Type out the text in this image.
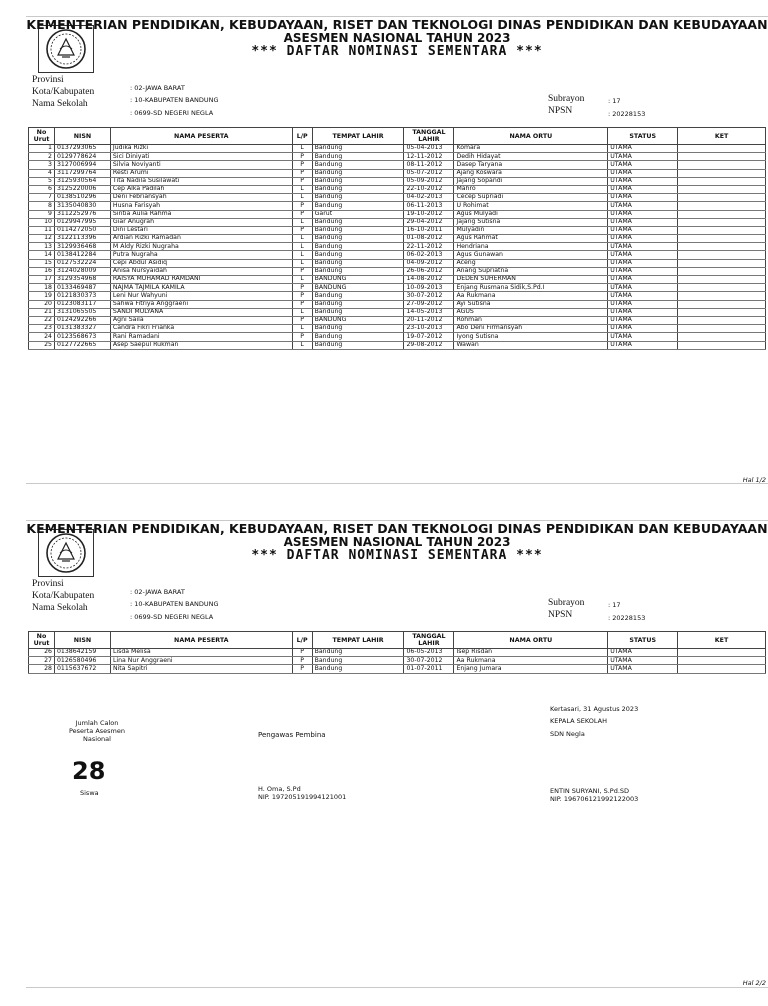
KEMENTERIAN PENDIDIKAN, KEBUDAYAAN, RISET DAN TEKNOLOGI DINAS PENDIDIKAN DAN KEBUDAYAAN
ASESMEN NASIONAL TAHUN 2023
*** DAFTAR NOMINASI SEMENTARA ***
Provinsi
Kota/Kabupaten
Nama Sekolah
: 02-JAWA BARAT
: 10-KABUPATEN BANDUNG
: 0699-SD NEGERI NEGLA
Subrayon
NPSN
: 17
: 20228153
No Urut	NISN	NAMA PESERTA	L/P	TEMPAT LAHIR	TANGGAL LAHIR	NAMA ORTU	STATUS	KET
1	0137293065	Judika Rizki	L	Bandung	05-04-2013	Komara	UTAMA	
2	0129778624	Sici Diniyati	P	Bandung	12-11-2012	Dedih Hidayat	UTAMA	
3	3127006994	Silvia Noviyanti	P	Bandung	08-11-2012	Dasep Taryana	UTAMA	
4	3117299764	Resti Arumi	P	Bandung	05-07-2012	Ajang Koswara	UTAMA	
5	3125930564	Tita Nadila Susilawati	P	Bandung	05-09-2012	Jajang Sopandi	UTAMA	
6	3125220006	Cep Alka Padilah	L	Bandung	22-10-2012	Mahro	UTAMA	
7	0138510296	Deni Febriansyah	L	Bandung	04-02-2013	Cecep Supriadi	UTAMA	
8	3135040830	Husna Farisyah	P	Bandung	06-11-2013	U Rohimat	UTAMA	
9	3112252976	Sintia Aulia Rahma	P	Garut	19-10-2012	Agus Mulyadi	UTAMA	
10	0129947995	Giar Anugrah	L	Bandung	29-04-2012	Jajang Sutisna	UTAMA	
11	0114272050	Dini Lestari	P	Bandung	16-10-2011	Mulyadin	UTAMA	
12	3122113396	Ardian Rizki Ramadan	L	Bandung	01-08-2012	Agus Rahmat	UTAMA	
13	3129936468	M Aldy Rizki Nugraha	L	Bandung	22-11-2012	Hendriana	UTAMA	
14	0138412284	Putra Nugraha	L	Bandung	06-02-2013	Agus Gunawan	UTAMA	
15	0127532224	Cepi Abdul Asidiq	L	Bandung	04-09-2012	Aceng	UTAMA	
16	3124028009	Anisa Nursyaidah	P	Bandung	26-06-2012	Anang Supriatna	UTAMA	
17	3129354968	RAISYA MUHAMAD RAMDANI	L	BANDUNG	14-08-2012	DEDEN SUHERMAN	UTAMA	
18	0133469487	NAJMA TAJMILA KAMILA	P	BANDUNG	10-09-2013	Enjang Rusmana Sidik,S.Pd.I	UTAMA	
19	0121830373	Leni Nur Wahyuni	P	Bandung	30-07-2012	Aa Rukmana	UTAMA	
20	0123083117	Sahwa Fitriya Anggraeni	P	Bandung	27-09-2012	Ayi Sutisna	UTAMA	
21	3131065505	SANDI MULYANA	L	Bandung	14-05-2013	AGUS	UTAMA	
22	0124292266	Agni Saila	P	BANDUNG	20-11-2012	Rohman	UTAMA	
23	0131383327	Candra Fikri Frianka	L	Bandung	23-10-2013	Abo Deni Firmansyah	UTAMA	
24	0123568673	Rani Ramadani	P	Bandung	19-07-2012	Iyong Sutisna	UTAMA	
25	0127722665	Asep Saepul Rukman	L	Bandung	29-08-2012	Wawan	UTAMA	
Hal 1/2
KEMENTERIAN PENDIDIKAN, KEBUDAYAAN, RISET DAN TEKNOLOGI DINAS PENDIDIKAN DAN KEBUDAYAAN
ASESMEN NASIONAL TAHUN 2023
*** DAFTAR NOMINASI SEMENTARA ***
Provinsi
Kota/Kabupaten
Nama Sekolah
: 02-JAWA BARAT
: 10-KABUPATEN BANDUNG
: 0699-SD NEGERI NEGLA
Subrayon
NPSN
: 17
: 20228153
No Urut	NISN	NAMA PESERTA	L/P	TEMPAT LAHIR	TANGGAL LAHIR	NAMA ORTU	STATUS	KET
26	0138642159	Lisda Melisa	P	Bandung	06-05-2013	Isep Risdan	UTAMA	
27	0126580496	Lina Nur Anggraeni	P	Bandung	30-07-2012	Aa Rukmana	UTAMA	
28	0115637672	Nita Sapitri	P	Bandung	01-07-2011	Enjang Jumara	UTAMA	
Jumlah Calon
Peserta Asesmen
Nasional
28
Siswa
Pengawas Pembina
H. Oma, S.Pd
NIP. 197205191994121001
Kertasari, 31 Agustus 2023
KEPALA SEKOLAH
SDN Negla
ENTIN SURYANI, S.Pd.SD
NIP. 196706121992122003
Hal 2/2
